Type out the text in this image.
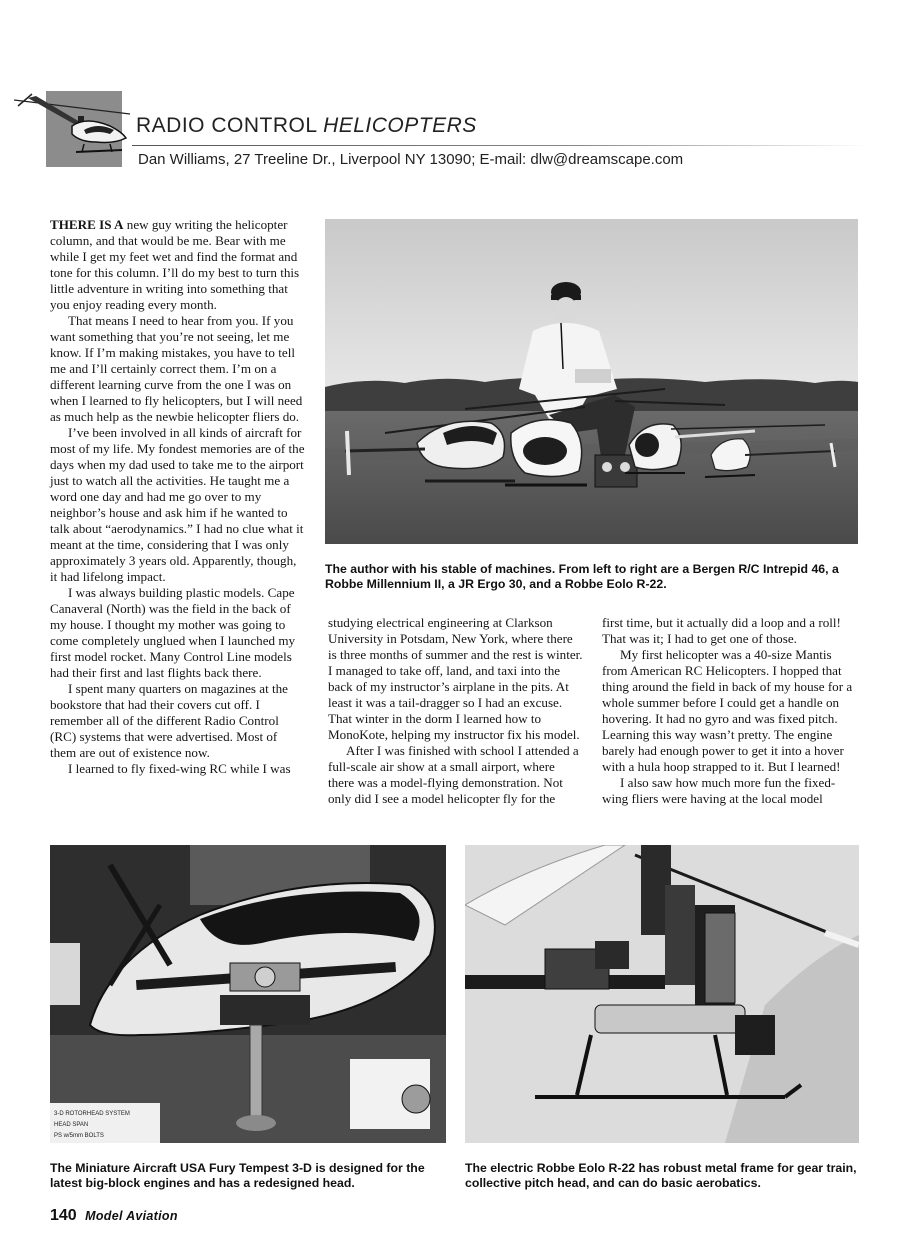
RADIO CONTROL HELICOPTERS
Dan Williams, 27 Treeline Dr., Liverpool NY 13090; E-mail: dlw@dreamscape.com
The author with his stable of machines. From left to right are a Bergen R/C Intrepid 46, a Robbe Millennium II, a JR Ergo 30, and a Robbe Eolo R-22.

THERE IS A new guy writing the helicopter column, and that would be me. Bear with me while I get my feet wet and find the format and tone for this column. I’ll do my best to turn this little adventure in writing into something that you enjoy reading every month.

That means I need to hear from you. If you want something that you’re not seeing, let me know. If I’m making mistakes, you have to tell me and I’ll certainly correct them. I’m on a different learning curve from the one I was on when I learned to fly helicopters, but I will need as much help as the newbie helicopter fliers do.

I’ve been involved in all kinds of aircraft for most of my life. My fondest memories are of the days when my dad used to take me to the airport just to watch all the activities. He taught me a word one day and had me go over to my neighbor’s house and ask him if he wanted to talk about “aerodynamics.” I had no clue what it meant at the time, considering that I was only approximately 3 years old. Apparently, though, it had lifelong impact.

I was always building plastic models. Cape Canaveral (North) was the field in the back of my house. I thought my mother was going to come completely unglued when I launched my first model rocket. Many Control Line models had their first and last flights back there.

I spent many quarters on magazines at the bookstore that had their covers cut off. I remember all of the different Radio Control (RC) systems that were advertised. Most of them are out of existence now.

I learned to fly fixed-wing RC while I was

studying electrical engineering at Clarkson University in Potsdam, New York, where there is three months of summer and the rest is winter. I managed to take off, land, and taxi into the back of my instructor’s airplane in the pits. At least it was a tail-dragger so I had an excuse. That winter in the dorm I learned how to MonoKote, helping my instructor fix his model.

After I was finished with school I attended a full-scale air show at a small airport, where there was a model-flying demonstration. Not only did I see a model helicopter fly for the

first time, but it actually did a loop and a roll! That was it; I had to get one of those.

My first helicopter was a 40-size Mantis from American RC Helicopters. I hopped that thing around the field in back of my house for a whole summer before I could get a handle on hovering. It had no gyro and was fixed pitch. Learning this way wasn’t pretty. The engine barely had enough power to get it into a hover with a hula hoop strapped to it. But I learned!

I also saw how much more fun the fixed-wing fliers were having at the local model

3-D ROTORHEAD SYSTEM
HEAD SPAN
PS w/5mm BOLTS
The Miniature Aircraft USA Fury Tempest 3-D is designed for the latest big-block engines and has a redesigned head.
The electric Robbe Eolo R-22 has robust metal frame for gear train, collective pitch head, and can do basic aerobatics.
140 Model Aviation
